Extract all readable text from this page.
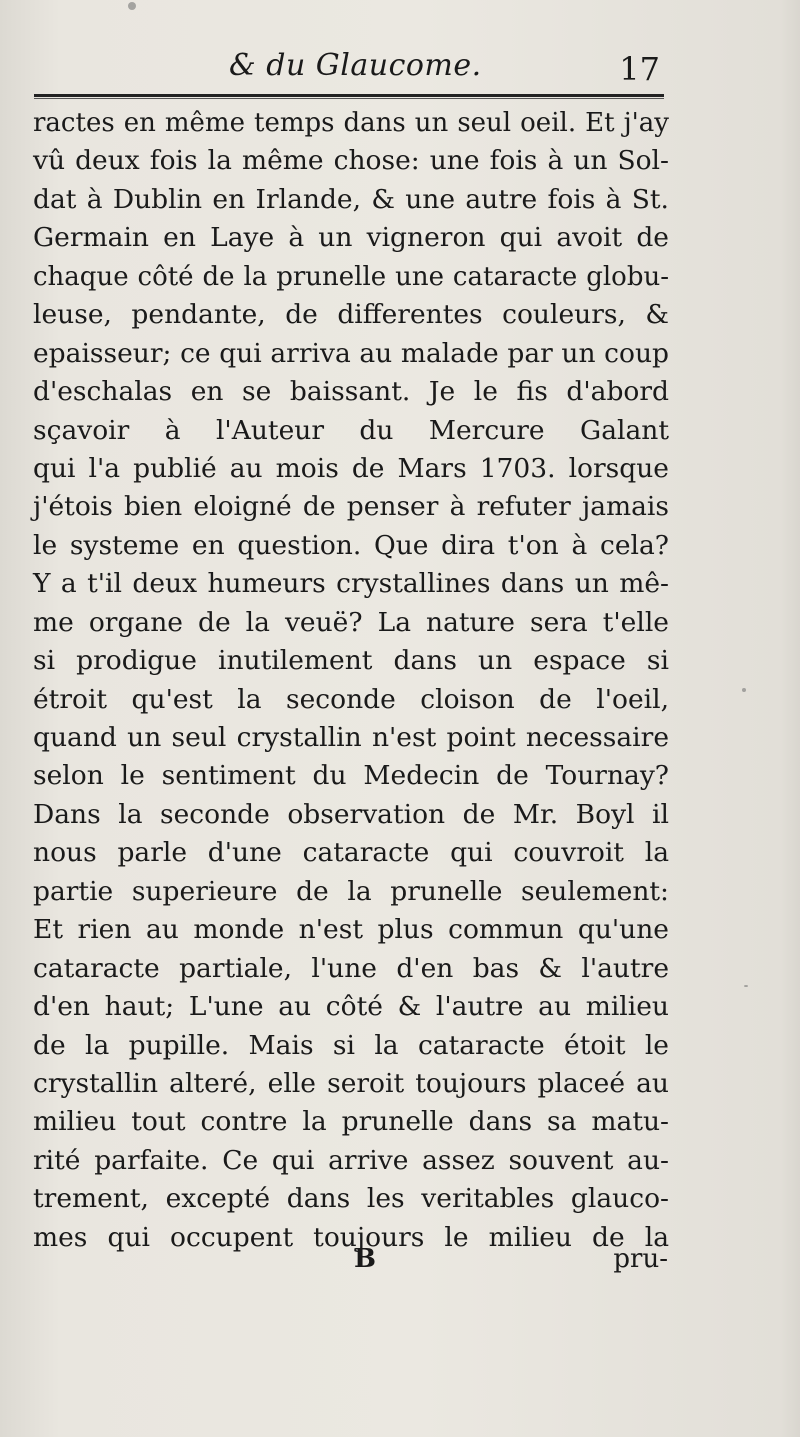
& du Glaucome.	17
ractes en même temps dans un seul oeil. Et j'ay
vû deux fois la même chose: une fois à un Sol-
dat à Dublin en Irlande, & une autre fois à St.
Germain en Laye à un vigneron qui avoit de
chaque côté de la prunelle une cataracte globu-
leuse, pendante, de differentes couleurs, &
epaisseur; ce qui arriva au malade par un coup
d'eschalas en se baissant. Je le fis d'abord
sçavoir à l'Auteur du Mercure Galant
qui l'a publié au mois de Mars 1703. lorsque
j'étois bien eloigné de penser à refuter jamais
le systeme en question. Que dira t'on à cela?
Y a t'il deux humeurs crystallines dans un mê-
me organe de la veuë? La nature sera t'elle
si prodigue inutilement dans un espace si
étroit qu'est la seconde cloison de l'oeil,
quand un seul crystallin n'est point necessaire
selon le sentiment du Medecin de Tournay?
Dans la seconde observation de Mr. Boyl il
nous parle d'une cataracte qui couvroit la
partie superieure de la prunelle seulement:
Et rien au monde n'est plus commun qu'une
cataracte partiale, l'une d'en bas & l'autre
d'en haut; L'une au côté & l'autre au milieu
de la pupille. Mais si la cataracte étoit le
crystallin alteré, elle seroit toujours placeé au
milieu tout contre la prunelle dans sa matu-
rité parfaite. Ce qui arrive assez souvent au-
trement, excepté dans les veritables glauco-
mes qui occupent toujours le milieu de la
B	pru-
